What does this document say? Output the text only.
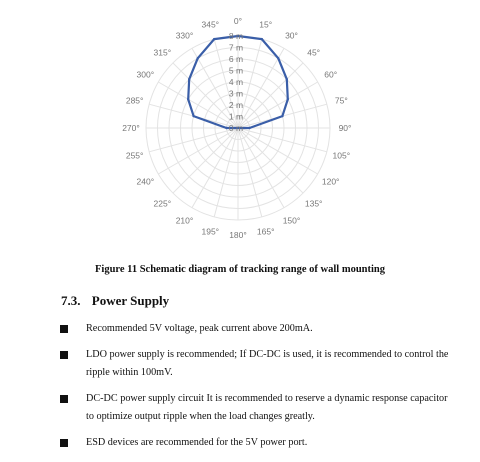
0 m
1 m
2 m
3 m
4 m
5 m
6 m
7 m
8 m
0° 15°
30°
45°
60°
75°
90°
105°
120°
135°
150°
165°
180°
195°
210°
225°
240°
255°
270°
285°
300°
315°
330°
345°

Figure 11 Schematic diagram of tracking range of wall mounting

7.3. Power Supply
Recommended 5V voltage, peak current above 200mA.
LDO power supply is recommended; If DC-DC is used, it is recommended to control the ripple within 100mV.
DC-DC power supply circuit It is recommended to reserve a dynamic response capacitor to optimize output ripple when the load changes greatly.
ESD devices are recommended for the 5V power port.
